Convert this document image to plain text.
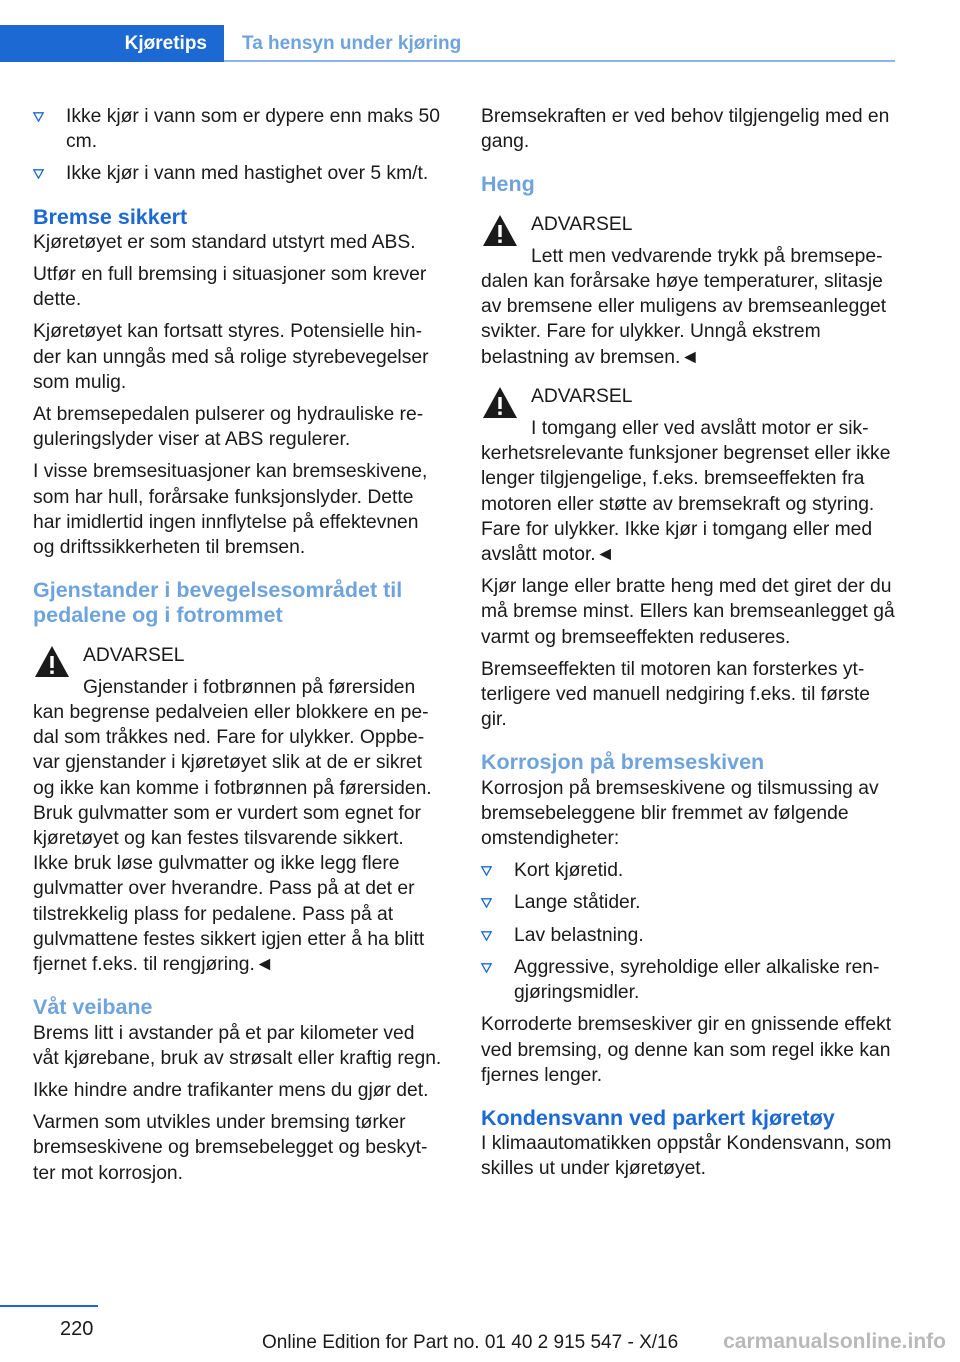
Kjøretips	Ta hensyn under kjøring
Ikke kjør i vann som er dypere enn maks 50 cm.
Ikke kjør i vann med hastighet over 5 km/t.
Bremse sikkert

Kjøretøyet er som standard utstyrt med ABS.

Utfør en full bremsing i situasjoner som krever dette.

Kjøretøyet kan fortsatt styres. Potensielle hinder kan unngås med så rolige styrebevegelser som mulig.

At bremsepedalen pulserer og hydrauliske reguleringslyder viser at ABS regulerer.

I visse bremsesituasjoner kan bremseskivene, som har hull, forårsake funksjonslyder. Dette har imidlertid ingen innflytelse på effektevnen og driftssikkerheten til bremsen.

Gjenstander i bevegelsesområdet til pedalene og i fotrommet
ADVARSEL

Gjenstander i fotbrønnen på førersiden kan begrense pedalveien eller blokkere en pedal som tråkkes ned. Fare for ulykker. Oppbevar gjenstander i kjøretøyet slik at de er sikret og ikke kan komme i fotbrønnen på førersiden. Bruk gulvmatter som er vurdert som egnet for kjøretøyet og kan festes tilsvarende sikkert. Ikke bruk løse gulvmatter og ikke legg flere gulvmatter over hverandre. Pass på at det er tilstrekkelig plass for pedalene. Pass på at gulvmattene festes sikkert igjen etter å ha blitt fjernet f.eks. til rengjøring.◄

Våt veibane

Brems litt i avstander på et par kilometer ved våt kjørebane, bruk av strøsalt eller kraftig regn.

Ikke hindre andre trafikanter mens du gjør det.

Varmen som utvikles under bremsing tørker bremseskivene og bremsebelegget og beskytter mot korrosjon.

Bremsekraften er ved behov tilgjengelig med en gang.

Heng
ADVARSEL

Lett men vedvarende trykk på bremsepedalen kan forårsake høye temperaturer, slitasje av bremsene eller muligens av bremseanlegget svikter. Fare for ulykker. Unngå ekstrem belastning av bremsen.◄

ADVARSEL

I tomgang eller ved avslått motor er sikkerhetsrelevante funksjoner begrenset eller ikke lenger tilgjengelige, f.eks. bremseeffekten fra motoren eller støtte av bremsekraft og styring. Fare for ulykker. Ikke kjør i tomgang eller med avslått motor.◄

Kjør lange eller bratte heng med det giret der du må bremse minst. Ellers kan bremseanlegget gå varmt og bremseeffekten reduseres.

Bremseeffekten til motoren kan forsterkes ytterligere ved manuell nedgiring f.eks. til første gir.

Korrosjon på bremseskiven

Korrosjon på bremseskivene og tilsmussing av bremsebeleggene blir fremmet av følgende omstendigheter:

Kort kjøretid.
Lange ståtider.
Lav belastning.
Aggressive, syreholdige eller alkaliske rengjøringsmidler.

Korroderte bremseskiver gir en gnissende effekt ved bremsing, og denne kan som regel ikke kan fjernes lenger.

Kondensvann ved parkert kjøretøy

I klimaautomatikken oppstår Kondensvann, som skilles ut under kjøretøyet.

220
Online Edition for Part no. 01 40 2 915 547 - X/16 carmanualsonline.info
